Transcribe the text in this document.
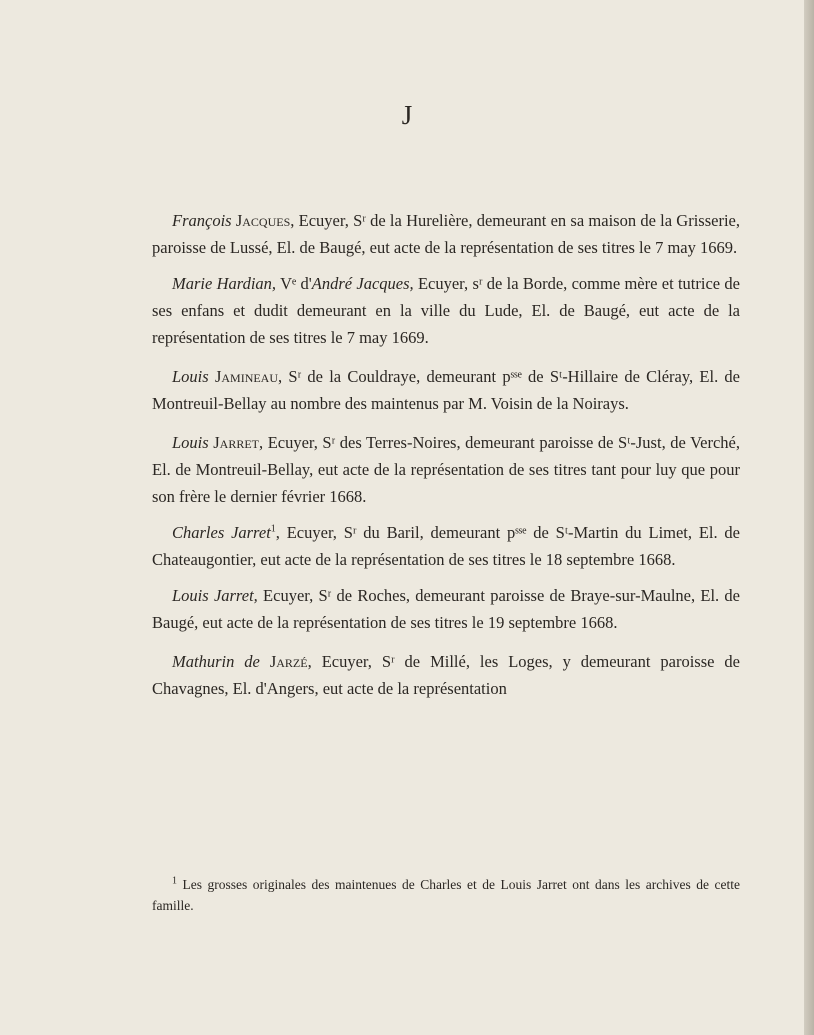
J

François Jacques, Ecuyer, Sʳ de la Hurelière, demeurant en sa maison de la Grisserie, paroisse de Lussé, El. de Baugé, eut acte de la représentation de ses titres le 7 may 1669.

Marie Hardian, Vᵉ d'André Jacques, Ecuyer, sʳ de la Borde, comme mère et tutrice de ses enfans et dudit demeurant en la ville du Lude, El. de Baugé, eut acte de la représentation de ses titres le 7 may 1669.

Louis Jamineau, Sʳ de la Couldraye, demeurant pˢˢᵉ de Sᵗ-Hillaire de Cléray, El. de Montreuil-Bellay au nombre des maintenus par M. Voisin de la Noirays.

Louis Jarret, Ecuyer, Sʳ des Terres-Noires, demeurant paroisse de Sᵗ-Just, de Verché, El. de Montreuil-Bellay, eut acte de la représentation de ses titres tant pour luy que pour son frère le dernier février 1668.

Charles Jarret$^1$, Ecuyer, Sʳ du Baril, demeurant pˢˢᵉ de Sᵗ-Martin du Limet, El. de Chateaugontier, eut acte de la représentation de ses titres le 18 septembre 1668.

Louis Jarret, Ecuyer, Sʳ de Roches, demeurant paroisse de Braye-sur-Maulne, El. de Baugé, eut acte de la représentation de ses titres le 19 septembre 1668.

Mathurin de Jarzé, Ecuyer, Sʳ de Millé, les Loges, y demeurant paroisse de Chavagnes, El. d'Angers, eut acte de la représentation

$^1$ Les grosses originales des maintenues de Charles et de Louis Jarret ont dans les archives de cette famille.
